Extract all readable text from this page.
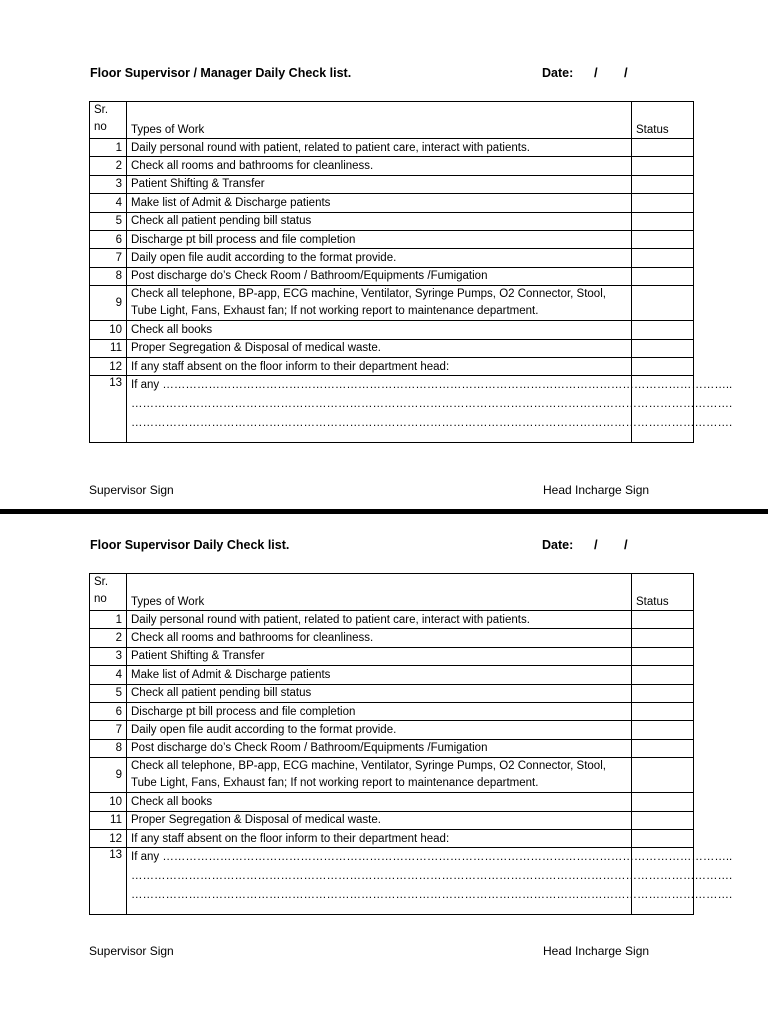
Floor Supervisor / Manager Daily Check list.	Date: / /
Sr.
no	Types of Work	Status
1	Daily personal round with patient, related to patient care, interact with patients.	
2	Check all rooms and bathrooms for cleanliness.	
3	Patient Shifting & Transfer	
4	Make list of Admit & Discharge patients	
5	Check all patient pending bill status	
6	Discharge pt bill process and file completion	
7	Daily open file audit according to the format provide.	
8	Post discharge do’s Check Room / Bathroom/Equipments /Fumigation	
9	Check all telephone, BP-app, ECG machine, Ventilator, Syringe Pumps, O2 Connector, Stool, Tube Light, Fans, Exhaust fan; If not working report to maintenance department.	
10	Check all books	
11	Proper Segregation & Disposal of medical waste.	
12	If any staff absent on the floor inform to their department head:	
13	If any …………………………………………………………………………………………………………………………………..
………………………………………………………………………………………………………………………………………….
………………………………………………………………………………………………………………………………………….	

Supervisor Sign	Head Incharge Sign
Floor Supervisor Daily Check list.	Date: / /
Sr.
no	Types of Work	Status
1	Daily personal round with patient, related to patient care, interact with patients.	
2	Check all rooms and bathrooms for cleanliness.	
3	Patient Shifting & Transfer	
4	Make list of Admit & Discharge patients	
5	Check all patient pending bill status	
6	Discharge pt bill process and file completion	
7	Daily open file audit according to the format provide.	
8	Post discharge do’s Check Room / Bathroom/Equipments /Fumigation	
9	Check all telephone, BP-app, ECG machine, Ventilator, Syringe Pumps, O2 Connector, Stool, Tube Light, Fans, Exhaust fan; If not working report to maintenance department.	
10	Check all books	
11	Proper Segregation & Disposal of medical waste.	
12	If any staff absent on the floor inform to their department head:	
13	If any …………………………………………………………………………………………………………………………………..
………………………………………………………………………………………………………………………………………….
………………………………………………………………………………………………………………………………………….	

Supervisor Sign	Head Incharge Sign
